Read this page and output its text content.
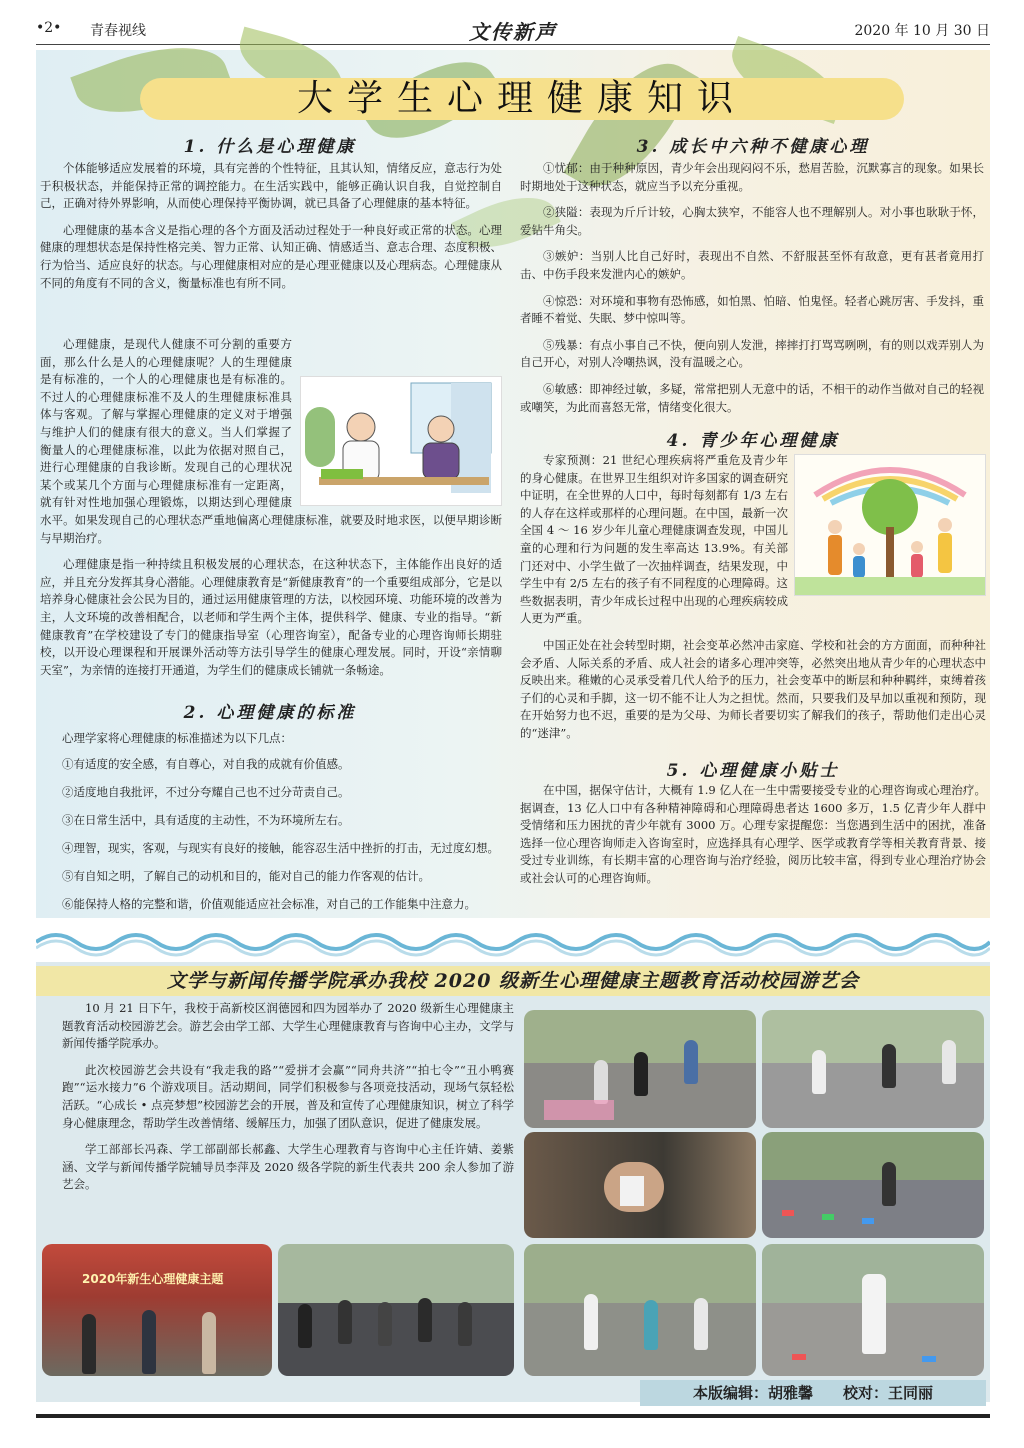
•2• 青春视线	文传新声	2020 年 10 月 30 日
大学生心理健康知识
1. 什么是心理健康

个体能够适应发展着的环境，具有完善的个性特征，且其认知，情绪反应，意志行为处于积极状态，并能保持正常的调控能力。在生活实践中，能够正确认识自我，自觉控制自己，正确对待外界影响，从而使心理保持平衡协调，就已具备了心理健康的基本特征。

心理健康的基本含义是指心理的各个方面及活动过程处于一种良好或正常的状态。心理健康的理想状态是保持性格完美、智力正常、认知正确、情感适当、意志合理、态度积极、行为恰当、适应良好的状态。与心理健康相对应的是心理亚健康以及心理病态。心理健康从不同的角度有不同的含义，衡量标准也有所不同。

心理健康，是现代人健康不可分割的重要方面，那么什么是人的心理健康呢？人的生理健康是有标准的，一个人的心理健康也是有标准的。不过人的心理健康标准不及人的生理健康标准具体与客观。了解与掌握心理健康的定义对于增强与维护人们的健康有很大的意义。当人们掌握了衡量人的心理健康标准，以此为依据对照自己，进行心理健康的自我诊断。发现自己的心理状况某个或某几个方面与心理健康标准有一定距离，就有针对性地加强心理锻炼，以期达到心理健康水平。如果发现自己的心理状态严重地偏离心理健康标准，就要及时地求医，以便早期诊断与早期治疗。

心理健康是指一种持续且积极发展的心理状态，在这种状态下，主体能作出良好的适应，并且充分发挥其身心潜能。心理健康教育是“新健康教育”的一个重要组成部分，它是以培养身心健康社会公民为目的，通过运用健康管理的方法，以校园环境、功能环境的改善为主，人文环境的改善相配合，以老师和学生两个主体，提供科学、健康、专业的指导。“新健康教育”在学校建设了专门的健康指导室（心理咨询室），配备专业的心理咨询师长期驻校，以开设心理课程和开展课外活动等方法引导学生的健康心理发展。同时，开设“亲情聊天室”，为亲情的连接打开通道，为学生们的健康成长铺就一条畅途。

2. 心理健康的标准
心理学家将心理健康的标准描述为以下几点：

①有适度的安全感，有自尊心，对自我的成就有价值感。

②适度地自我批评，不过分夸耀自己也不过分苛责自己。

③在日常生活中，具有适度的主动性，不为环境所左右。

④理智，现实，客观，与现实有良好的接触，能容忍生活中挫折的打击，无过度幻想。

⑤有自知之明，了解自己的动机和目的，能对自己的能力作客观的估计。

⑥能保持人格的完整和谐，价值观能适应社会标准，对自己的工作能集中注意力。

3. 成长中六种不健康心理

①忧郁：由于种种原因，青少年会出现闷闷不乐，愁眉苦脸，沉默寡言的现象。如果长时期地处于这种状态，就应当予以充分重视。

②狭隘：表现为斤斤计较，心胸太狭窄，不能容人也不理解别人。对小事也耿耿于怀，爱钻牛角尖。

③嫉妒：当别人比自己好时，表现出不自然、不舒服甚至怀有敌意，更有甚者竟用打击、中伤手段来发泄内心的嫉妒。

④惊恐：对环境和事物有恐怖感，如怕黑、怕暗、怕鬼怪。轻者心跳厉害、手发抖，重者睡不着觉、失眠、梦中惊叫等。

⑤残暴：有点小事自己不快，便向别人发泄，摔摔打打骂骂咧咧，有的则以戏弄别人为自己开心，对别人冷嘲热讽，没有温暖之心。

⑥敏感：即神经过敏，多疑，常常把别人无意中的话，不相干的动作当做对自己的轻视或嘲笑，为此而喜怒无常，情绪变化很大。

4. 青少年心理健康

专家预测：21 世纪心理疾病将严重危及青少年的身心健康。在世界卫生组织对许多国家的调查研究中证明，在全世界的人口中，每时每刻都有 1/3 左右的人存在这样或那样的心理问题。在中国，最新一次全国 4 ～ 16 岁少年儿童心理健康调查发现，中国儿童的心理和行为问题的发生率高达 13.9%。有关部门还对中、小学生做了一次抽样调查，结果发现，中学生中有 2/5 左右的孩子有不同程度的心理障碍。这些数据表明，青少年成长过程中出现的心理疾病较成人更为严重。

中国正处在社会转型时期，社会变革必然冲击家庭、学校和社会的方方面面，而种种社会矛盾、人际关系的矛盾、成人社会的诸多心理冲突等，必然突出地从青少年的心理状态中反映出来。稚嫩的心灵承受着几代人给予的压力，社会变革中的断层和种种羁绊，束缚着孩子们的心灵和手脚，这一切不能不让人为之担忧。然而，只要我们及早加以重视和预防，现在开始努力也不迟，重要的是为父母、为师长者要切实了解我们的孩子，帮助他们走出心灵的“迷津”。

5. 心理健康小贴士

在中国，据保守估计，大概有 1.9 亿人在一生中需要接受专业的心理咨询或心理治疗。据调查，13 亿人口中有各种精神障碍和心理障碍患者达 1600 多万，1.5 亿青少年人群中受情绪和压力困扰的青少年就有 3000 万。心理专家提醒您：当您遇到生活中的困扰，准备选择一位心理咨询师走入咨询室时，应选择具有心理学、医学或教育学等相关教育背景、接受过专业训练，有长期丰富的心理咨询与治疗经验，阅历比较丰富，得到专业心理治疗协会或社会认可的心理咨询师。

文学与新闻传播学院承办我校 2020 级新生心理健康主题教育活动校园游艺会

10 月 21 日下午，我校于高新校区润德园和四为园举办了 2020 级新生心理健康主题教育活动校园游艺会。游艺会由学工部、大学生心理健康教育与咨询中心主办，文学与新闻传播学院承办。

此次校园游艺会共设有“我走我的路”“爱拼才会赢”“同舟共济”“拍七令”“丑小鸭赛跑”“运水接力”6 个游戏项目。活动期间，同学们积极参与各项竞技活动，现场气氛轻松活跃。“心成长 • 点亮梦想”校园游艺会的开展，普及和宣传了心理健康知识，树立了科学身心健康理念，帮助学生改善情绪、缓解压力，加强了团队意识，促进了健康发展。

学工部部长冯森、学工部副部长郝鑫、大学生心理教育与咨询中心主任许婧、姜紫涵、文学与新闻传播学院辅导员李萍及 2020 级各学院的新生代表共 200 余人参加了游艺会。

2020年新生心理健康主题
本版编辑：胡雅馨　　校对：王同丽
